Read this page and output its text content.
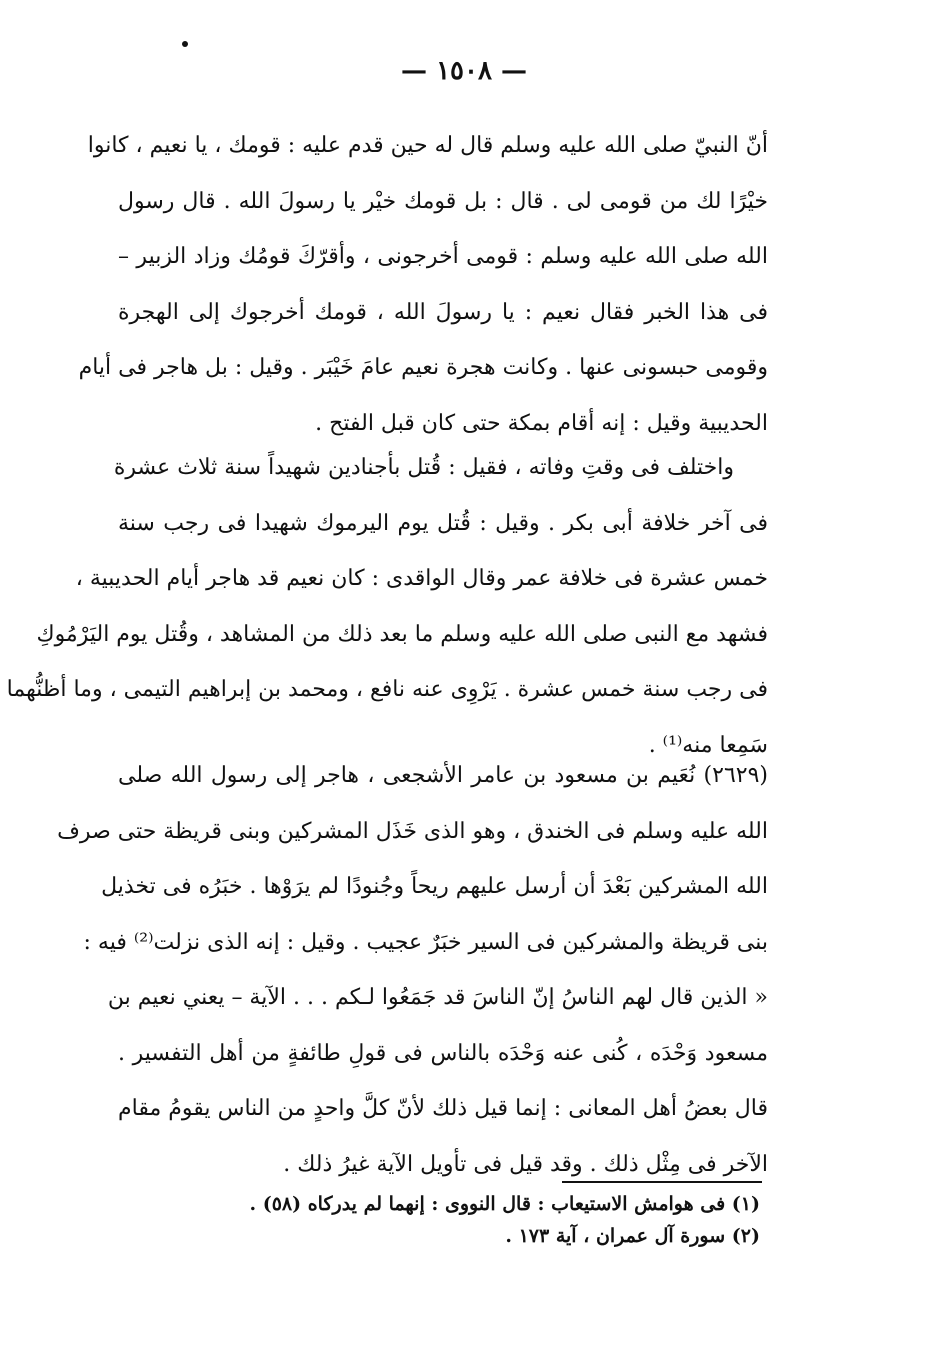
— ١٥٠٨ —
أنّ النبيّ صلى الله عليه وسلم قال له حين قدم عليه : قومك ، يا نعيم ، كانوا
خيْرًا لك من قومى لى . قال : بل قومك خيْر يا رسولَ الله . قال رسول
الله صلى الله عليه وسلم : قومى أخرجونى ، وأقرّكَ قومُك وزاد الزبير –
فى هذا الخبر فقال نعيم : يا رسولَ الله ، قومك أخرجوك إلى الهجرة
وقومى حبسونى عنها . وكانت هجرة نعيم عامَ خَيْبَر . وقيل : بل هاجر فى أيام
الحديبية وقيل : إنه أقام بمكة حتى كان قبل الفتح .
واختلف فى وقتِ وفاته ، فقيل : قُتل بأجنادين شهيداً سنة ثلاث عشرة
فى آخر خلافة أبى بكر . وقيل : قُتل يوم اليرموك شهيدا فى رجب سنة
خمس عشرة فى خلافة عمر وقال الواقدى : كان نعيم قد هاجر أيام الحديبية ،
فشهد مع النبى صلى الله عليه وسلم ما بعد ذلك من المشاهد ، وقُتل يوم اليَرْمُوكِ
فى رجب سنة خمس عشرة . يَرْوِى عنه نافع ، ومحمد بن إبراهيم التيمى ، وما أظنُّهما
سَمِعا منه⁽¹⁾ .
(٢٦٢٩) نُعَيم بن مسعود بن عامر الأشجعى ، هاجر إلى رسول الله صلى
الله عليه وسلم فى الخندق ، وهو الذى خَذَل المشركين وبنى قريظة حتى صرف
الله المشركين بَعْدَ أن أرسل عليهم ريحاً وجُنودًا لم يرَوْها . خبَرُه فى تخذيل
بنى قريظة والمشركين فى السير خبَرٌ عجيب . وقيل : إنه الذى نزلت⁽²⁾ فيه :
« الذين قال لهم الناسُ إنّ الناسَ قد جَمَعُوا لـكم . . . الآية – يعني نعيم بن
مسعود وَحْدَه ، كُنى عنه وَحْدَه بالناس فى قولِ طائفةٍ من أهل التفسير .
قال بعضُ أهل المعانى : إنما قيل ذلك لأنّ كلَّ واحدٍ من الناس يقومُ مقام
الآخر فى مِثْل ذلك . وقد قيل فى تأويل الآية غيرُ ذلك .
(١) فى هوامش الاستيعاب : قال النووى : إنهما لم يدركاه (٥٨) .
(٢) سورة آل عمران ، آية ١٧٣ .
